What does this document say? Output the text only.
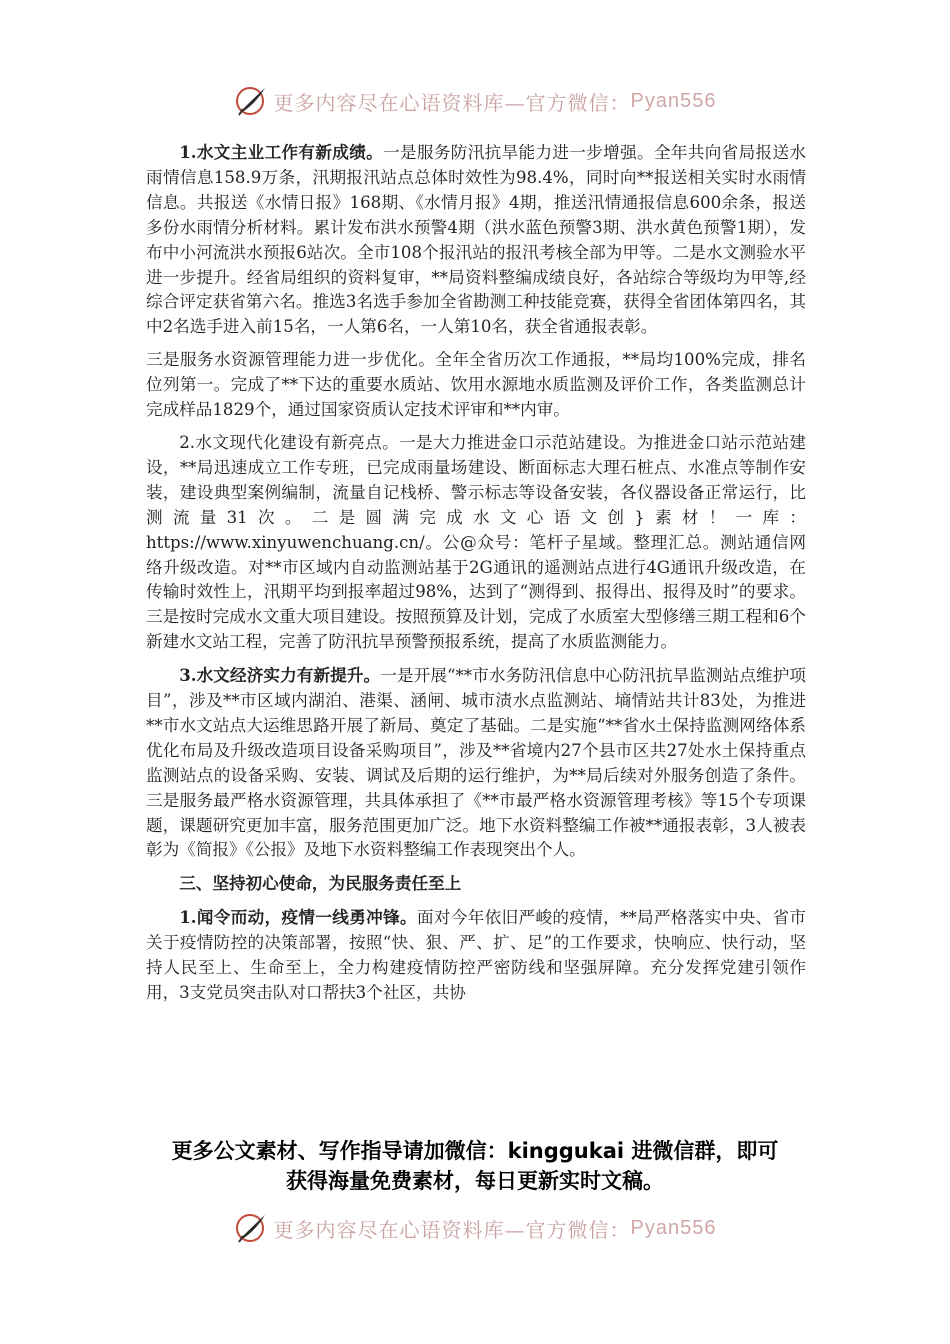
更多内容尽在心语资料库—官方微信： Pyan556

1.水文主业工作有新成绩。一是服务防汛抗旱能力进一步增强。全年共向省局报送水雨情信息158.9万条，汛期报汛站点总体时效性为98.4%，同时向**报送相关实时水雨情信息。共报送《水情日报》168期、《水情月报》4期，推送汛情通报信息600余条，报送多份水雨情分析材料。累计发布洪水预警4期（洪水蓝色预警3期、洪水黄色预警1期），发布中小河流洪水预报6站次。全市108个报汛站的报汛考核全部为甲等。二是水文测验水平进一步提升。经省局组织的资料复审，**局资料整编成绩良好，各站综合等级均为甲等,经综合评定获省第六名。推选3名选手参加全省勘测工种技能竞赛，获得全省团体第四名，其中2名选手进入前15名，一人第6名，一人第10名，获全省通报表彰。

三是服务水资源管理能力进一步优化。全年全省历次工作通报，**局均100%完成，排名位列第一。完成了**下达的重要水质站、饮用水源地水质监测及评价工作，各类监测总计完成样品1829个，通过国家资质认定技术评审和**内审。

2.水文现代化建设有新亮点。一是大力推进金口示范站建设。为推进金口站示范站建设，**局迅速成立工作专班，已完成雨量场建设、断面标志大理石桩点、水准点等制作安装，建设典型案例编制，流量自记栈桥、警示标志等设备安装，各仪器设备正常运行，比测流量31次。二是圆满完成水文心语文创}素材！一库：https://www.xinyuwenchuang.cn/。公@众号：笔杆子星域。整理汇总。测站通信网络升级改造。对**市区域内自动监测站基于2G通讯的遥测站点进行4G通讯升级改造，在传输时效性上，汛期平均到报率超过98%，达到了“测得到、报得出、报得及时”的要求。三是按时完成水文重大项目建设。按照预算及计划，完成了水质室大型修缮三期工程和6个新建水文站工程，完善了防汛抗旱预警预报系统，提高了水质监测能力。

3.水文经济实力有新提升。一是开展“**市水务防汛信息中心防汛抗旱监测站点维护项目”，涉及**市区域内湖泊、港渠、涵闸、城市渍水点监测站、墒情站共计83处，为推进**市水文站点大运维思路开展了新局、奠定了基础。二是实施“**省水土保持监测网络体系优化布局及升级改造项目设备采购项目”，涉及**省境内27个县市区共27处水土保持重点监测站点的设备采购、安装、调试及后期的运行维护，为**局后续对外服务创造了条件。三是服务最严格水资源管理，共具体承担了《**市最严格水资源管理考核》等15个专项课题，课题研究更加丰富，服务范围更加广泛。地下水资料整编工作被**通报表彰，3人被表彰为《简报》《公报》及地下水资料整编工作表现突出个人。

三、坚持初心使命，为民服务责任至上

1.闻令而动，疫情一线勇冲锋。面对今年依旧严峻的疫情，**局严格落实中央、省市关于疫情防控的决策部署，按照“快、狠、严、扩、足”的工作要求，快响应、快行动，坚持人民至上、生命至上，全力构建疫情防控严密防线和坚强屏障。充分发挥党建引领作用，3支党员突击队对口帮扶3个社区，共协

更多公文素材、写作指导请加微信：kinggukai 进微信群，即可
获得海量免费素材，每日更新实时文稿。
更多内容尽在心语资料库—官方微信： Pyan556
